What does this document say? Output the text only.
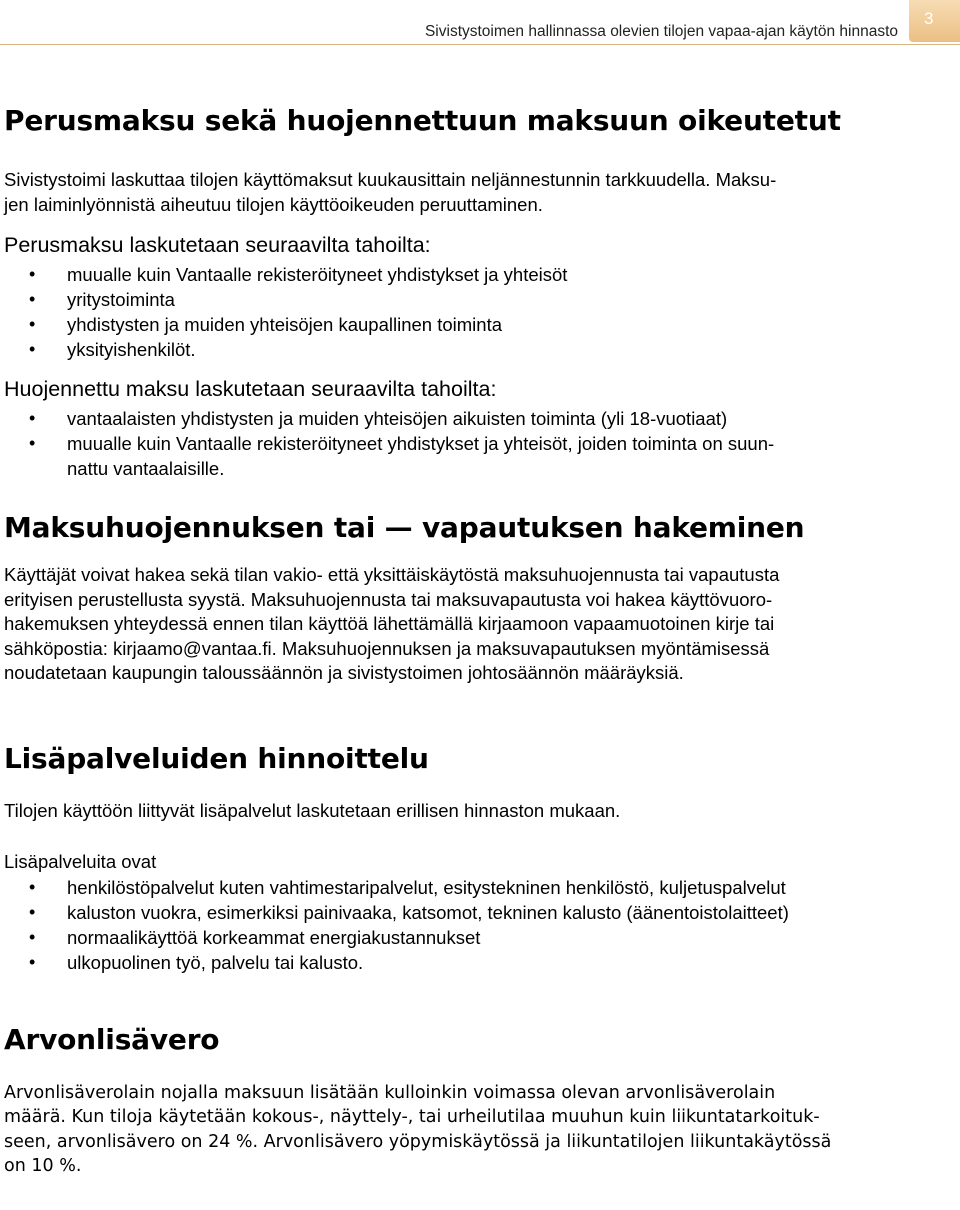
Sivistystoimen hallinnassa olevien tilojen vapaa-ajan käytön hinnasto
3
Perusmaksu sekä huojennettuun maksuun oikeutetut

Sivistystoimi laskuttaa tilojen käyttömaksut kuukausittain neljännestunnin tarkkuudella. Maksu-

jen laiminlyönnistä aiheutuu tilojen käyttöoikeuden peruuttaminen.

Perusmaksu laskutetaan seuraavilta tahoilta:

• muualle kuin Vantaalle rekisteröityneet yhdistykset ja yhteisöt
• yritystoiminta
• yhdistysten ja muiden yhteisöjen kaupallinen toiminta
• yksityishenkilöt.

Huojennettu maksu laskutetaan seuraavilta tahoilta:

• vantaalaisten yhdistysten ja muiden yhteisöjen aikuisten toiminta (yli 18-vuotiaat)
• muualle kuin Vantaalle rekisteröityneet yhdistykset ja yhteisöt, joiden toiminta on suun-
nattu vantaalaisille.
Maksuhuojennuksen tai — vapautuksen hakeminen

Käyttäjät voivat hakea sekä tilan vakio- että yksittäiskäytöstä maksuhuojennusta tai vapautusta

erityisen perustellusta syystä. Maksuhuojennusta tai maksuvapautusta voi hakea käyttövuoro-

hakemuksen yhteydessä ennen tilan käyttöä lähettämällä kirjaamoon vapaamuotoinen kirje tai

sähköpostia: kirjaamo@vantaa.fi. Maksuhuojennuksen ja maksuvapautuksen myöntämisessä

noudatetaan kaupungin taloussäännön ja sivistystoimen johtosäännön määräyksiä.

Lisäpalveluiden hinnoittelu

Tilojen käyttöön liittyvät lisäpalvelut laskutetaan erillisen hinnaston mukaan.

Lisäpalveluita ovat

• henkilöstöpalvelut kuten vahtimestaripalvelut, esitystekninen henkilöstö, kuljetuspalvelut
• kaluston vuokra, esimerkiksi painivaaka, katsomot, tekninen kalusto (äänentoistolaitteet)
• normaalikäyttöä korkeammat energiakustannukset
• ulkopuolinen työ, palvelu tai kalusto.
Arvonlisävero

Arvonlisäverolain nojalla maksuun lisätään kulloinkin voimassa olevan arvonlisäverolain

määrä. Kun tiloja käytetään kokous-, näyttely-, tai urheilutilaa muuhun kuin liikuntatarkoituk-

seen, arvonlisävero on 24 %. Arvonlisävero yöpymiskäytössä ja liikuntatilojen liikuntakäytössä

on 10 %.
